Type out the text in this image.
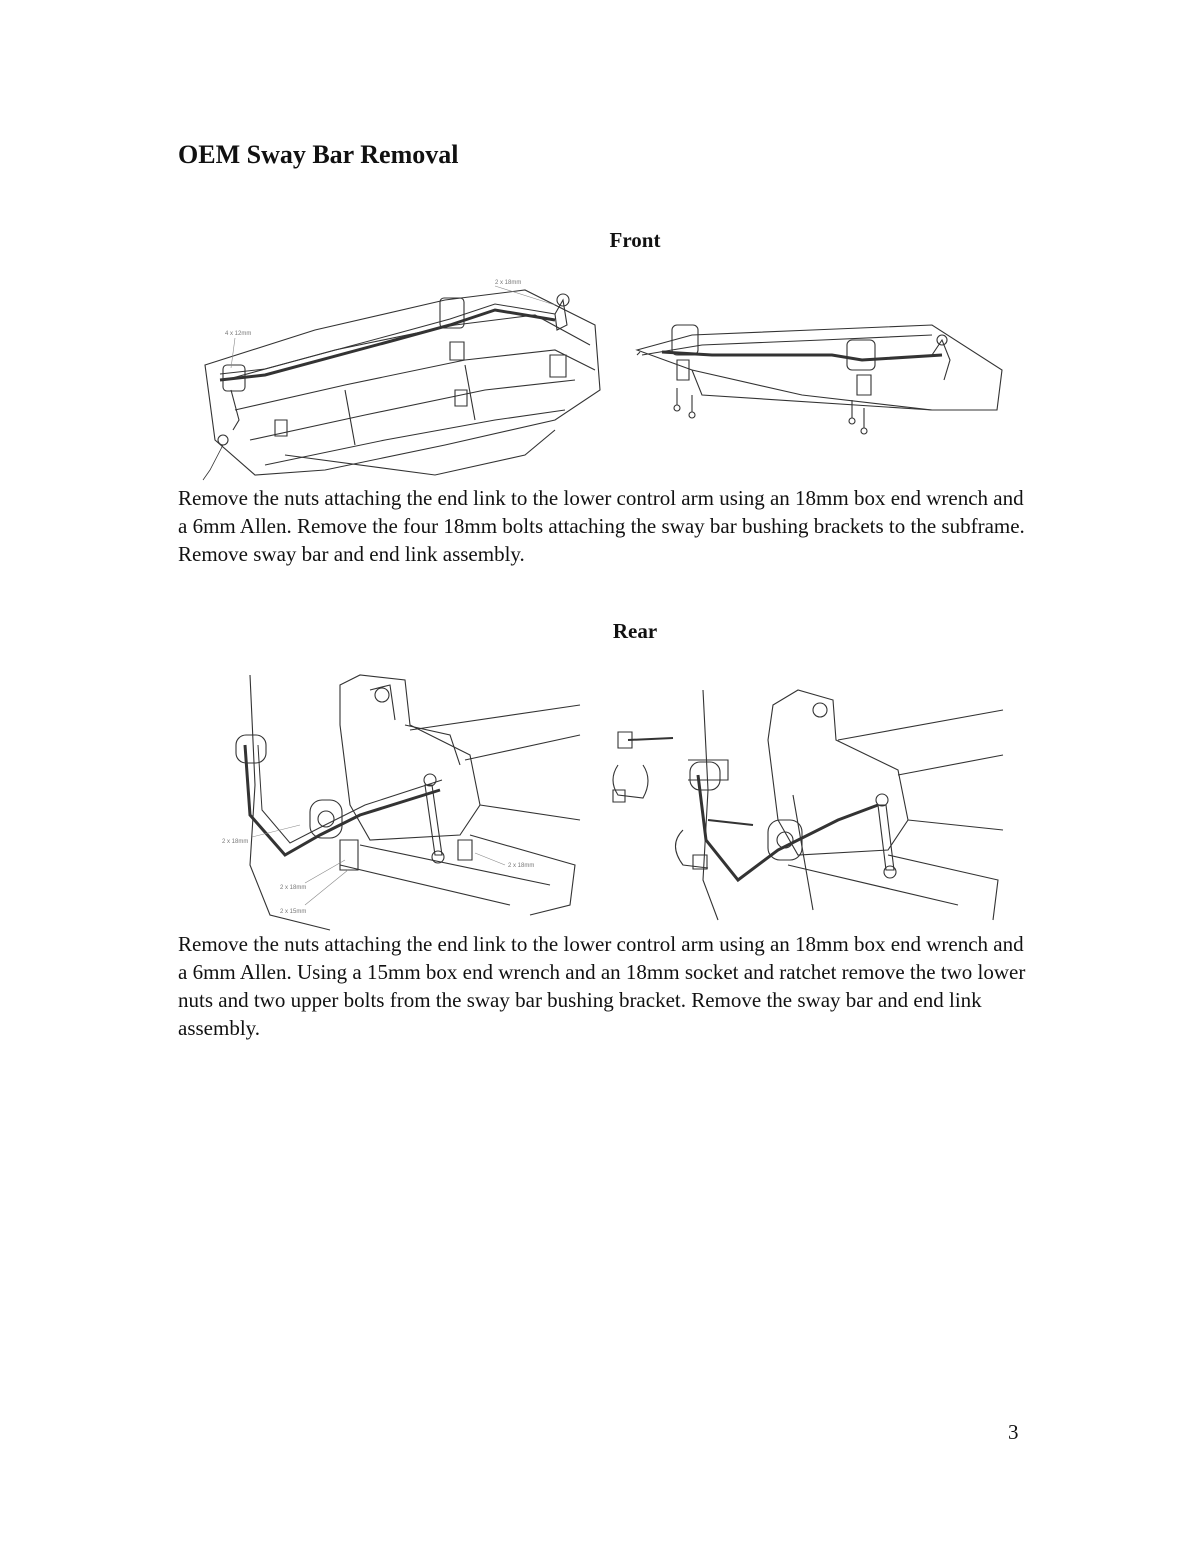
OEM Sway Bar Removal
Front
2 x 18mm
4 x 12mm

Remove the nuts attaching the end link to the lower control arm using an 18mm box end wrench and a 6mm Allen. Remove the four 18mm bolts attaching the sway bar bushing brackets to the subframe. Remove sway bar and end link assembly.

Rear
2 x 18mm
2 x 18mm
2 x 18mm
2 x 15mm

Remove the nuts attaching the end link to the lower control arm using an 18mm box end wrench and a 6mm Allen. Using a 15mm box end wrench and an 18mm socket and ratchet remove the two lower nuts and two upper bolts from the sway bar bushing bracket. Remove the sway bar and end link assembly.

3
